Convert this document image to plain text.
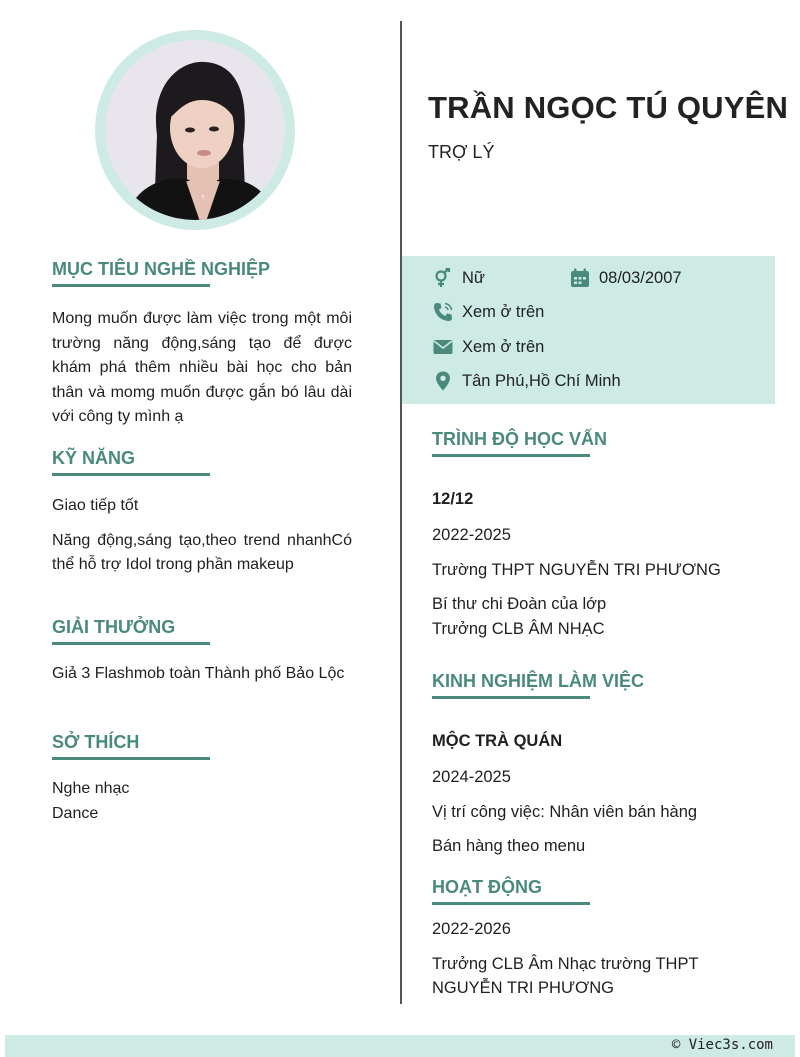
MỤC TIÊU NGHỀ NGHIỆP

Mong muốn được làm việc trong một môi trường năng động,sáng tạo để được khám phá thêm nhiều bài học cho bản thân và momg muốn được gắn bó lâu dài với công ty mình ạ

KỸ NĂNG

Giao tiếp tốt

Năng động,sáng tạo,theo trend nhanhCó thể hỗ trợ Idol trong phần makeup

GIẢI THƯỞNG

Giả 3 Flashmob toàn Thành phố Bảo Lộc

SỞ THÍCH

Nghe nhạc

Dance

TRẦN NGỌC TÚ QUYÊN
TRỢ LÝ
Nữ	08/03/2007
Xem ở trên
Xem ở trên
Tân Phú,Hồ Chí Minh
TRÌNH ĐỘ HỌC VẤN

12/12

2022-2025

Trường THPT NGUYỄN TRI PHƯƠNG

Bí thư chi Đoàn của lớp

Trưởng CLB ÂM NHẠC

KINH NGHIỆM LÀM VIỆC

MỘC TRÀ QUÁN

2024-2025

Vị trí công việc: Nhân viên bán hàng

Bán hàng theo menu

HOẠT ĐỘNG

2022-2026

Trưởng CLB Âm Nhạc trường THPT

NGUYỄN TRI PHƯƠNG

© Viec3s.com
